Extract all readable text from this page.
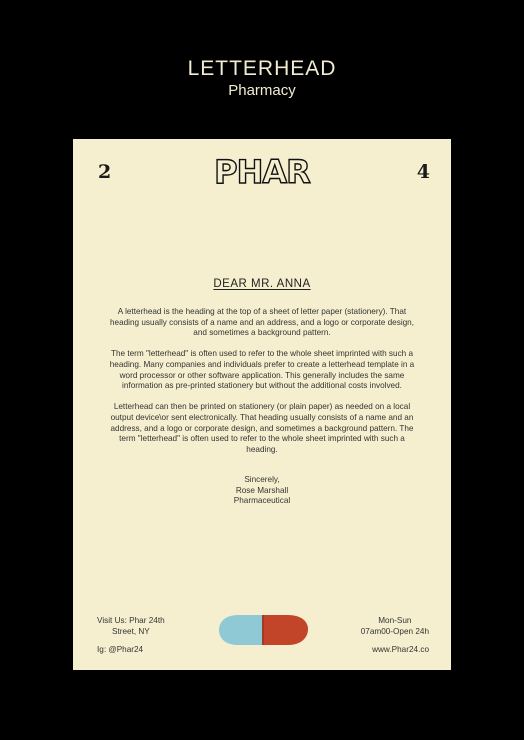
LETTERHEAD
Pharmacy
2	PHAR	4
DEAR MR. ANNA

A letterhead is the heading at the top of a sheet of letter paper (stationery). That heading usually consists of a name and an address, and a logo or corporate design, and sometimes a background pattern.

The term "letterhead" is often used to refer to the whole sheet imprinted with such a heading. Many companies and individuals prefer to create a letterhead template in a word processor or other software application. This generally includes the same information as pre-printed stationery but without the additional costs involved.

Letterhead can then be printed on stationery (or plain paper) as needed on a local output device\or sent electronically. That heading usually consists of a name and an address, and a logo or corporate design, and sometimes a background pattern. The term "letterhead" is often used to refer to the whole sheet imprinted with such a heading.

Sincerely,
Rose Marshall
Pharmaceutical
Visit Us: Phar 24th
Street, NY
Ig: @Phar24
Mon-Sun
07am00-Open 24h
www.Phar24.co
